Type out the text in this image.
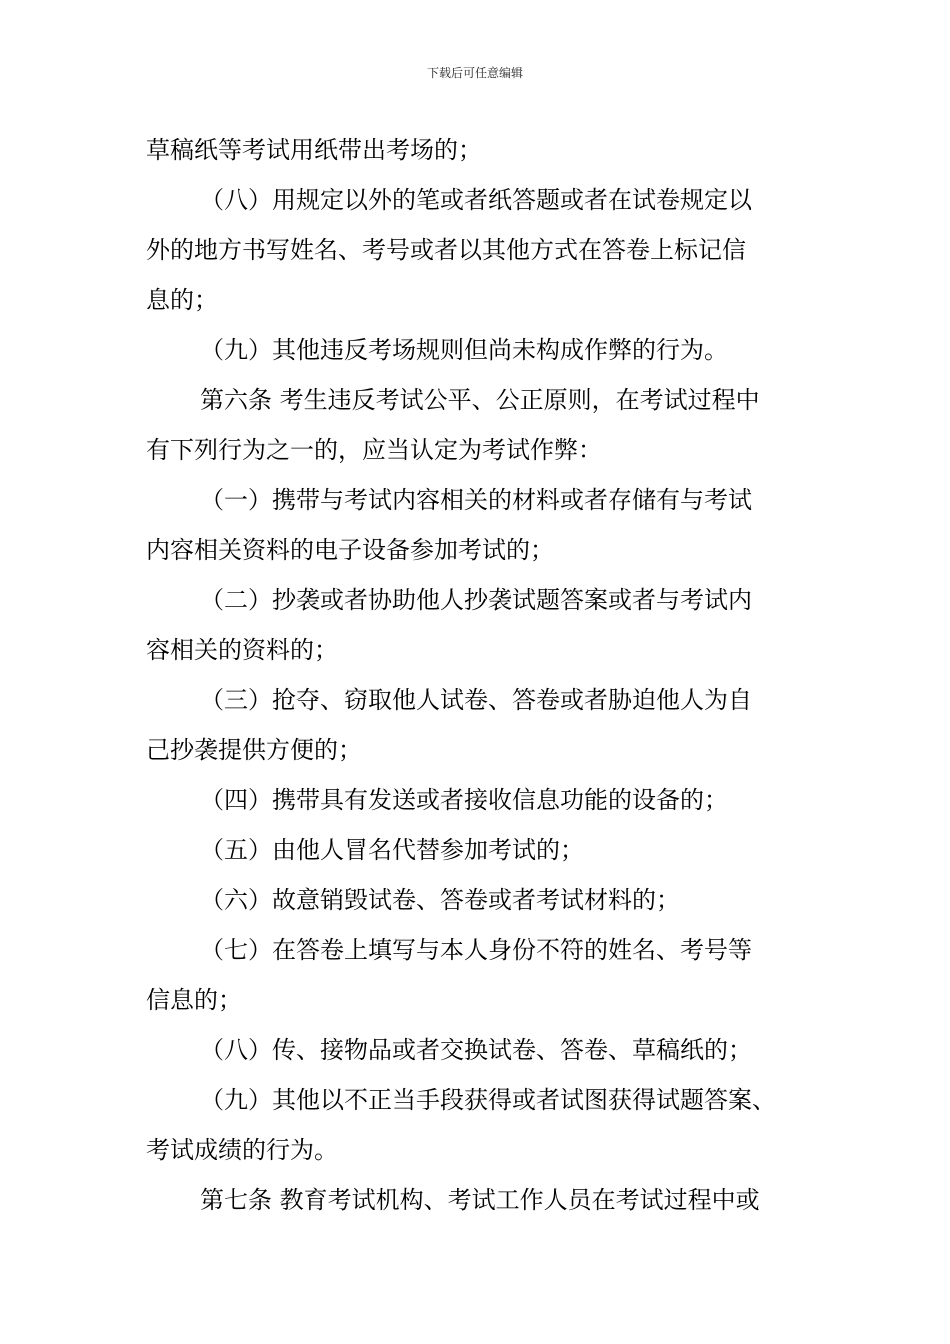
下载后可任意编辑
草稿纸等考试用纸带出考场的；
（八）用规定以外的笔或者纸答题或者在试卷规定以
外的地方书写姓名、考号或者以其他方式在答卷上标记信
息的；
（九）其他违反考场规则但尚未构成作弊的行为。
第六条 考生违反考试公平、公正原则，在考试过程中
有下列行为之一的，应当认定为考试作弊：
（一）携带与考试内容相关的材料或者存储有与考试
内容相关资料的电子设备参加考试的；
（二）抄袭或者协助他人抄袭试题答案或者与考试内
容相关的资料的；
（三）抢夺、窃取他人试卷、答卷或者胁迫他人为自
己抄袭提供方便的；
（四）携带具有发送或者接收信息功能的设备的；
（五）由他人冒名代替参加考试的；
（六）故意销毁试卷、答卷或者考试材料的；
（七）在答卷上填写与本人身份不符的姓名、考号等
信息的；
（八）传、接物品或者交换试卷、答卷、草稿纸的；
（九）其他以不正当手段获得或者试图获得试题答案、
考试成绩的行为。
第七条 教育考试机构、考试工作人员在考试过程中或
